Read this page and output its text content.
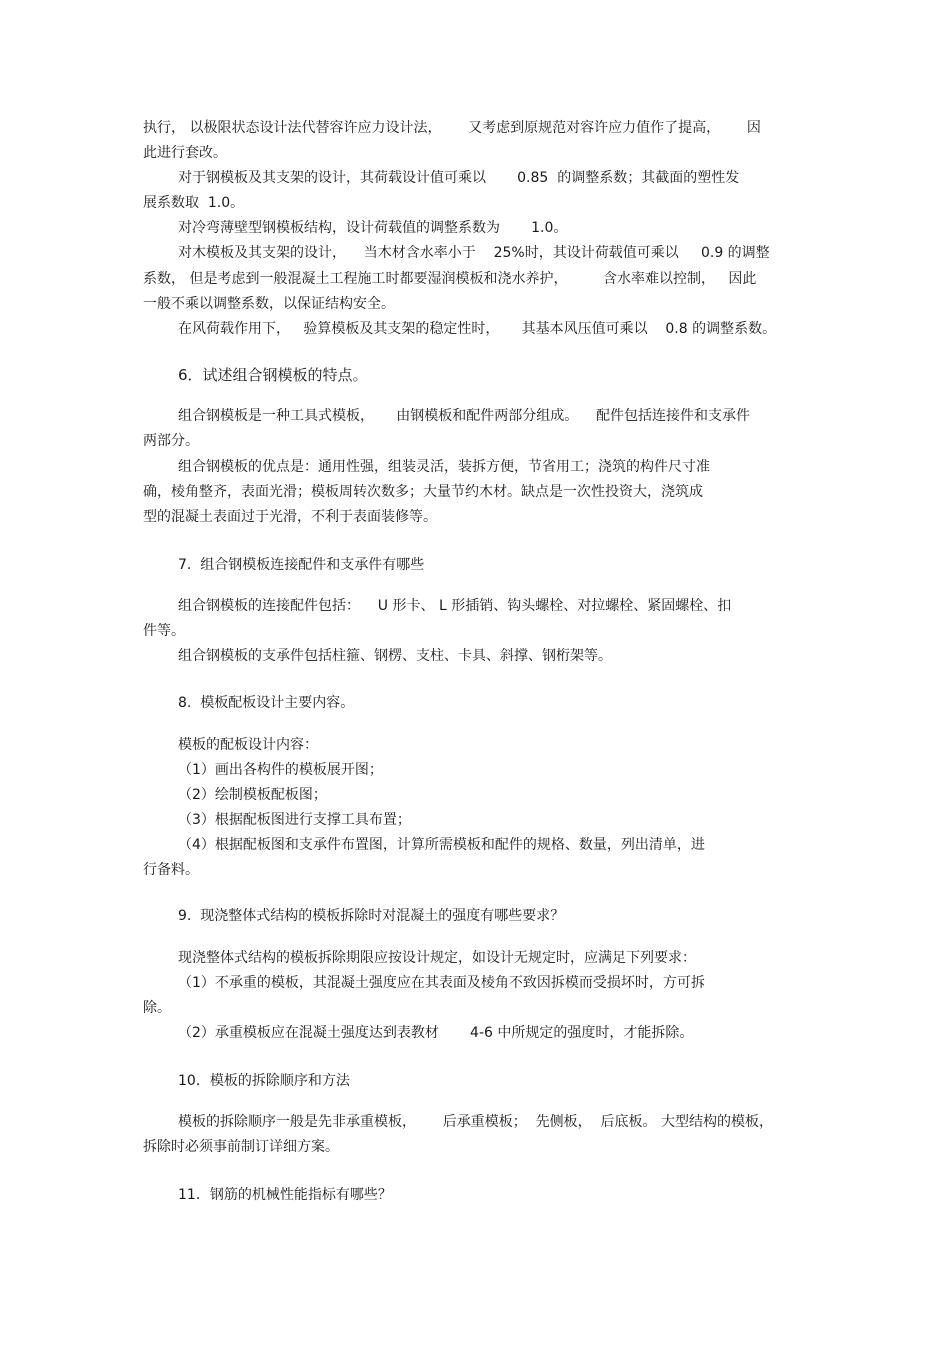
执行， 以极限状态设计法代替容许应力设计法，      又考虑到原规范对容许应力值作了提高，      因

此进行套改。

对于钢模板及其支架的设计，其荷载设计值可乘以       0.85  的调整系数；其截面的塑性发

展系数取  1.0。

对冷弯薄壁型钢模板结构，设计荷载值的调整系数为       1.0。

对木模板及其支架的设计，    当木材含水率小于    25%时，其设计荷载值可乘以     0.9 的调整

系数， 但是考虑到一般混凝土工程施工时都要湿润模板和浇水养护，        含水率难以控制，   因此

一般不乘以调整系数，以保证结构安全。

在风荷载作用下，   验算模板及其支架的稳定性时，     其基本风压值可乘以    0.8 的调整系数。

6．试述组合钢模板的特点。

组合钢模板是一种工具式模板，     由钢模板和配件两部分组成。    配件包括连接件和支承件

两部分。

组合钢模板的优点是：通用性强，组装灵活，装拆方便，节省用工；浇筑的构件尺寸准

确，棱角整齐，表面光滑；模板周转次数多；大量节约木材。缺点是一次性投资大，浇筑成

型的混凝土表面过于光滑，不利于表面装修等。

7.  组合钢模板连接配件和支承件有哪些

组合钢模板的连接配件包括：    U 形卡、 L 形插销、钩头螺栓、对拉螺栓、紧固螺栓、扣

件等。

组合钢模板的支承件包括柱箍、钢楞、支柱、卡具、斜撑、钢桁架等。

8.  模板配板设计主要内容。

模板的配板设计内容：

（1）画出各构件的模板展开图；

（2）绘制模板配板图；

（3）根据配板图进行支撑工具布置；

（4）根据配板图和支承件布置图，计算所需模板和配件的规格、数量，列出清单，进

行备料。

9.  现浇整体式结构的模板拆除时对混凝土的强度有哪些要求？

现浇整体式结构的模板拆除期限应按设计规定，如设计无规定时，应满足下列要求：

（1）不承重的模板，其混凝土强度应在其表面及棱角不致因拆模而受损坏时，方可拆

除。

（2）承重模板应在混凝土强度达到表教材       4-6 中所规定的强度时，才能拆除。

10．模板的拆除顺序和方法

模板的拆除顺序一般是先非承重模板，      后承重模板；  先侧板，  后底板。 大型结构的模板，

拆除时必须事前制订详细方案。

11．钢筋的机械性能指标有哪些？
